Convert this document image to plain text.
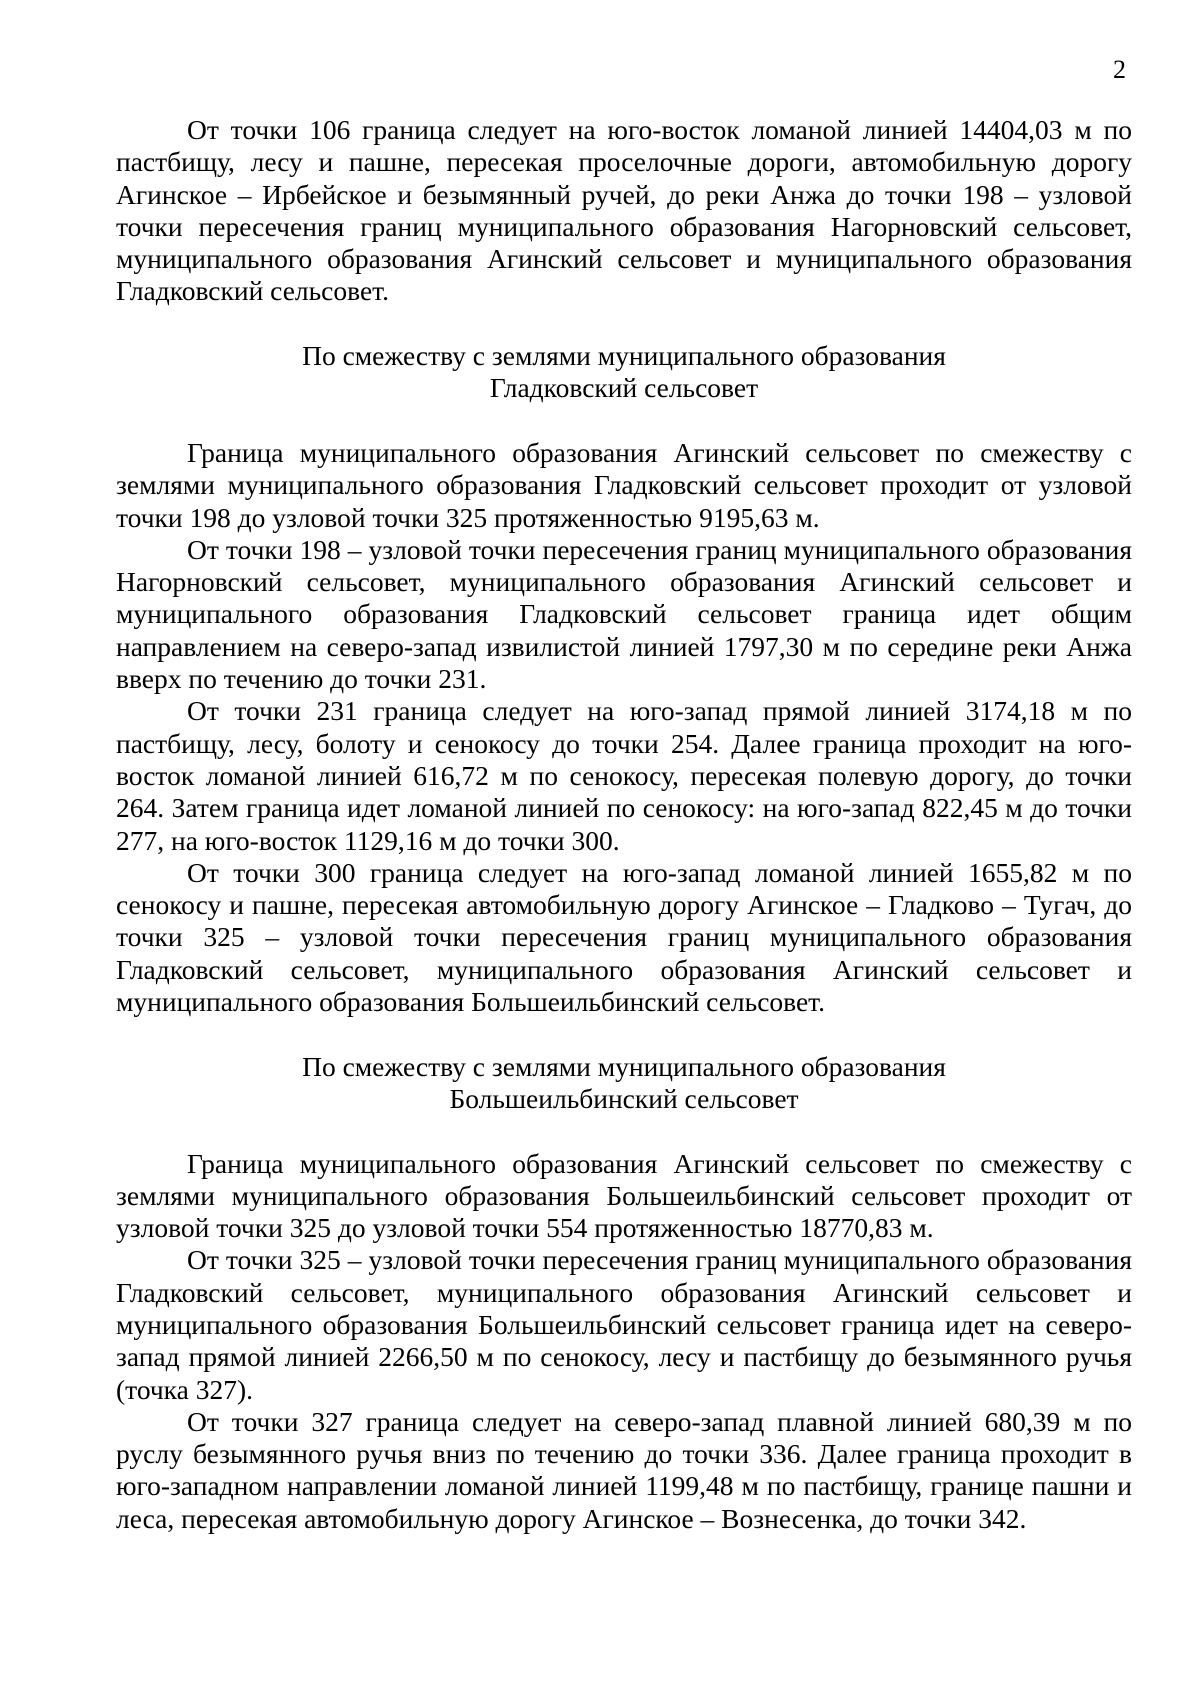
2

От точки 106 граница следует на юго-восток ломаной линией 14404,03 м по пастбищу, лесу и пашне, пересекая проселочные дороги, автомобильную дорогу Агинское – Ирбейское и безымянный ручей, до реки Анжа до точки 198 – узловой точки пересечения границ муниципального образования Нагорновский сельсовет, муниципального образования Агинский сельсовет и муниципального образования Гладковский сельсовет.

По смежеству с землями муниципального образования
Гладковский сельсовет

Граница муниципального образования Агинский сельсовет по смежеству с землями муниципального образования Гладковский сельсовет проходит от узловой точки 198 до узловой точки 325 протяженностью 9195,63 м.

От точки 198 – узловой точки пересечения границ муниципального образования Нагорновский сельсовет, муниципального образования Агинский сельсовет и муниципального образования Гладковский сельсовет граница идет общим направлением на северо-запад извилистой линией 1797,30 м по середине реки Анжа вверх по течению до точки 231.

От точки 231 граница следует на юго-запад прямой линией 3174,18 м по пастбищу, лесу, болоту и сенокосу до точки 254. Далее граница проходит на юго-восток ломаной линией 616,72 м по сенокосу, пересекая полевую дорогу, до точки 264. Затем граница идет ломаной линией по сенокосу: на юго-запад 822,45 м до точки 277, на юго-восток 1129,16 м до точки 300.

От точки 300 граница следует на юго-запад ломаной линией 1655,82 м по сенокосу и пашне, пересекая автомобильную дорогу Агинское – Гладково – Тугач, до точки 325 – узловой точки пересечения границ муниципального образования Гладковский сельсовет, муниципального образования Агинский сельсовет и муниципального образования Большеильбинский сельсовет.

По смежеству с землями муниципального образования
Большеильбинский сельсовет

Граница муниципального образования Агинский сельсовет по смежеству с землями муниципального образования Большеильбинский сельсовет проходит от узловой точки 325 до узловой точки 554 протяженностью 18770,83 м.

От точки 325 – узловой точки пересечения границ муниципального образования Гладковский сельсовет, муниципального образования Агинский сельсовет и муниципального образования Большеильбинский сельсовет граница идет на северо-запад прямой линией 2266,50 м по сенокосу, лесу и пастбищу до безымянного ручья (точка 327).

От точки 327 граница следует на северо-запад плавной линией 680,39 м по руслу безымянного ручья вниз по течению до точки 336. Далее граница проходит в юго-западном направлении ломаной линией 1199,48 м по пастбищу, границе пашни и леса, пересекая автомобильную дорогу Агинское – Вознесенка, до точки 342.
